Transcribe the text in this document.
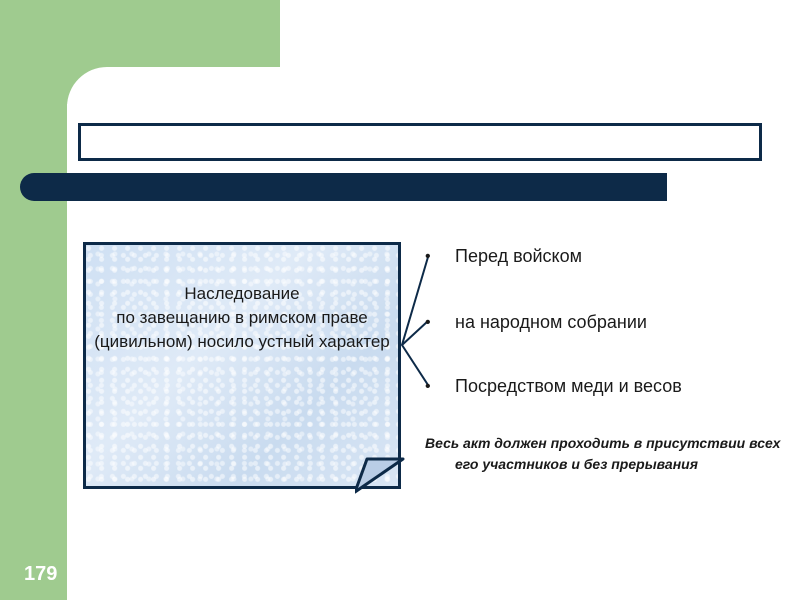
Наследование
по завещанию в римском праве (цивильном) носило устный характер
•	Перед войском
•	на народном собрании
•	Посредством меди и весов
Весь акт должен проходить в присутствии всех его участников и без прерывания
179
